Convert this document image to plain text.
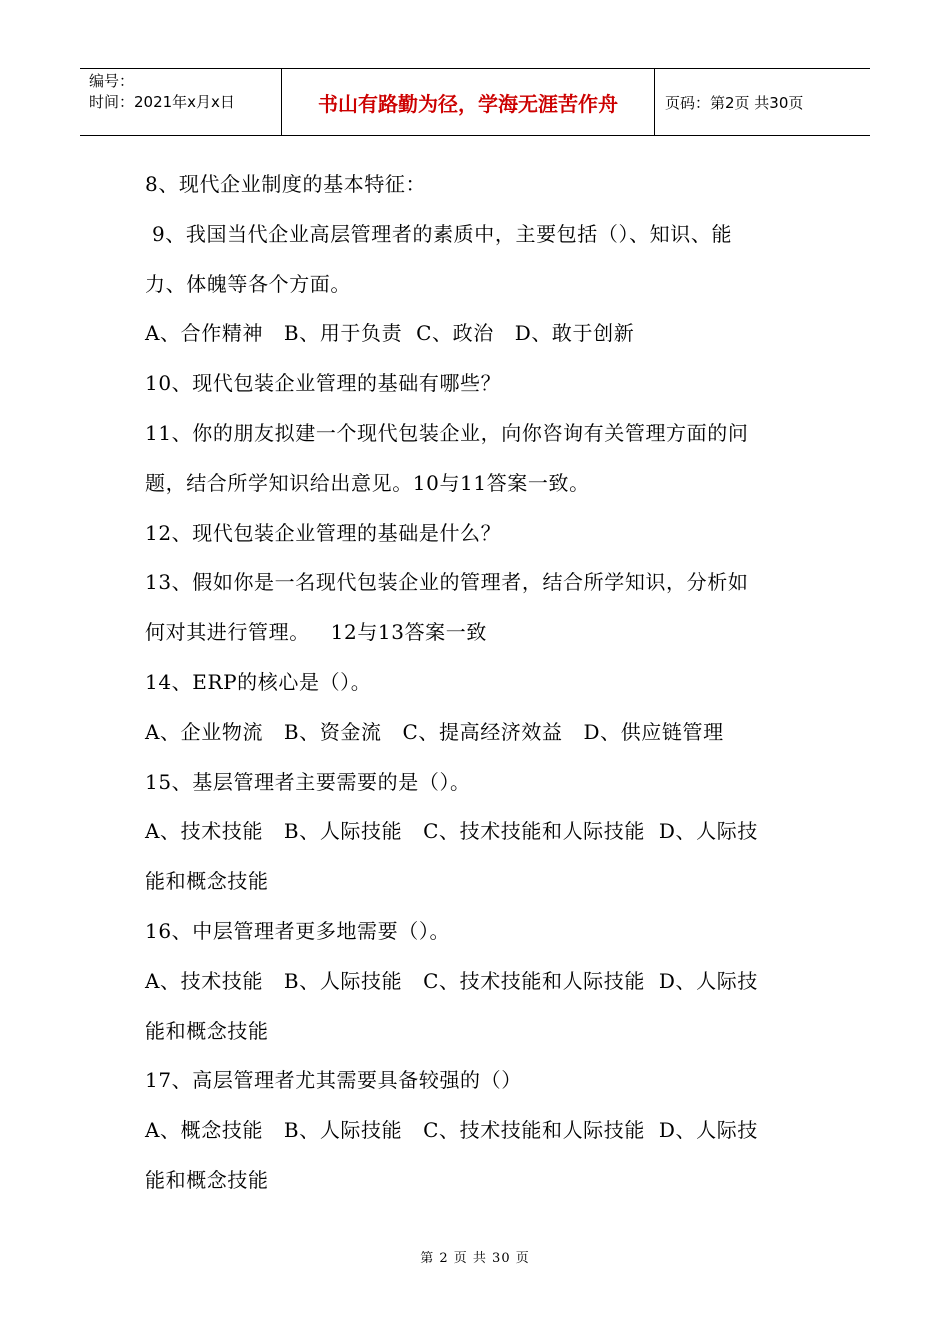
编号：
时间：2021年x月x日	书山有路勤为径，学海无涯苦作舟	页码：第2页 共30页

8、现代企业制度的基本特征：

9、我国当代企业高层管理者的素质中，主要包括（）、知识、能

力、体魄等各个方面。

A、合作精神   B、用于负责  C、政治   D、敢于创新

10、现代包装企业管理的基础有哪些？

11、你的朋友拟建一个现代包装企业，向你咨询有关管理方面的问

题，结合所学知识给出意见。10与11答案一致。

12、现代包装企业管理的基础是什么？

13、假如你是一名现代包装企业的管理者，结合所学知识，分析如

何对其进行管理。   12与13答案一致

14、ERP的核心是（）。

A、企业物流   B、资金流   C、提高经济效益   D、供应链管理

15、基层管理者主要需要的是（）。

A、技术技能   B、人际技能   C、技术技能和人际技能  D、人际技

能和概念技能

16、中层管理者更多地需要（）。

A、技术技能   B、人际技能   C、技术技能和人际技能  D、人际技

能和概念技能

17、高层管理者尤其需要具备较强的（）

A、概念技能   B、人际技能   C、技术技能和人际技能  D、人际技

能和概念技能

第 2 页 共 30 页
